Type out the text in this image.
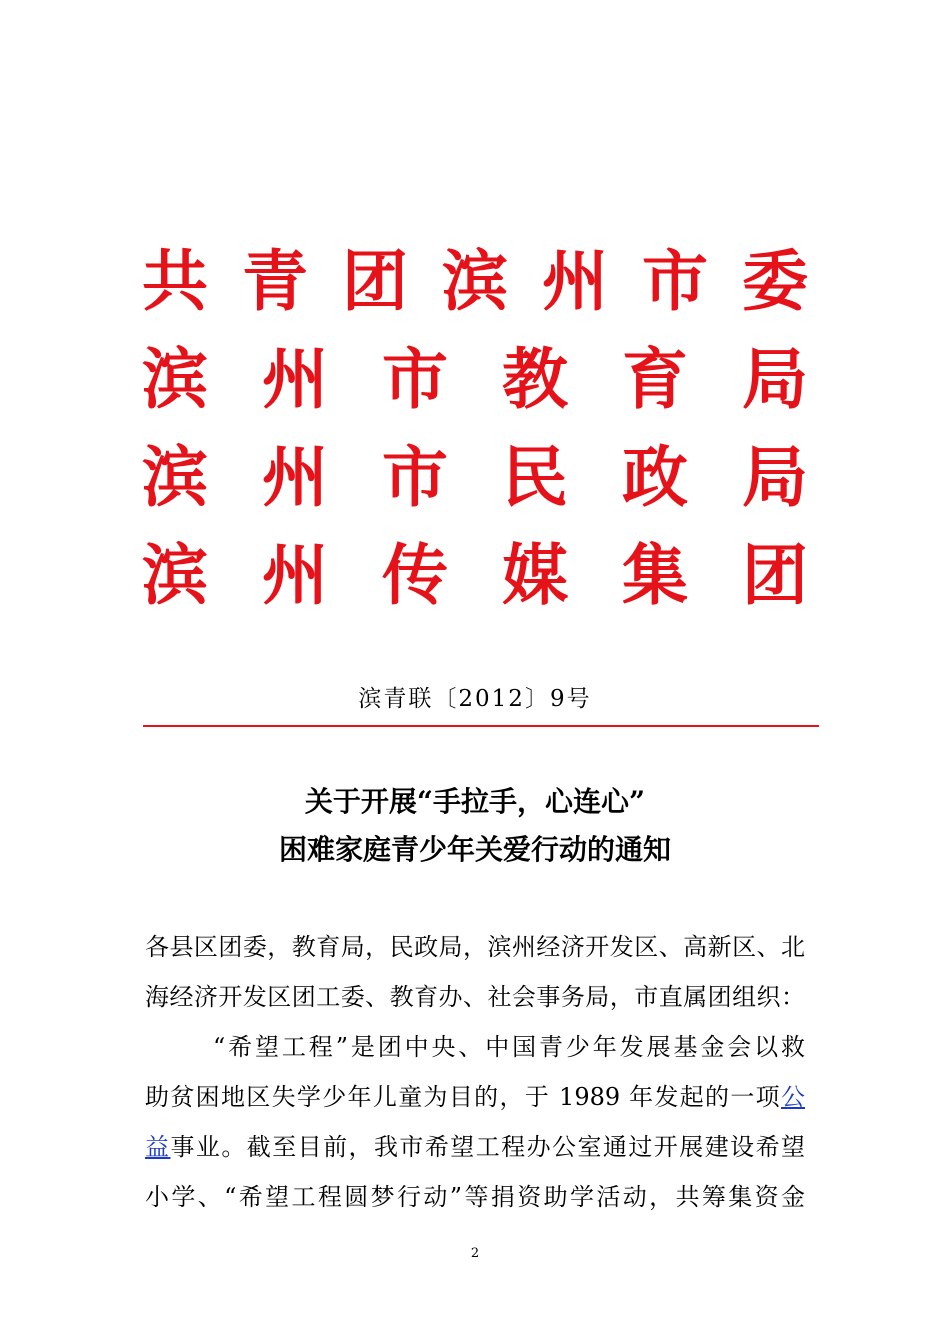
共 青 团 滨 州 市 委
滨 州 市 教 育 局
滨 州 市 民 政 局
滨 州 传 媒 集 团
滨青联〔2012〕9号
关于开展“手拉手，心连心”
困难家庭青少年关爱行动的通知
各县区团委，教育局，民政局，滨州经济开发区、高新区、北
海经济开发区团工委、教育办、社会事务局，市直属团组织：
“希望工程”是团中央、中国青少年发展基金会以救
助贫困地区失学少年儿童为目的，于 1989 年发起的一项公
益事业。截至目前，我市希望工程办公室通过开展建设希望
小学、“希望工程圆梦行动”等捐资助学活动，共筹集资金
2
